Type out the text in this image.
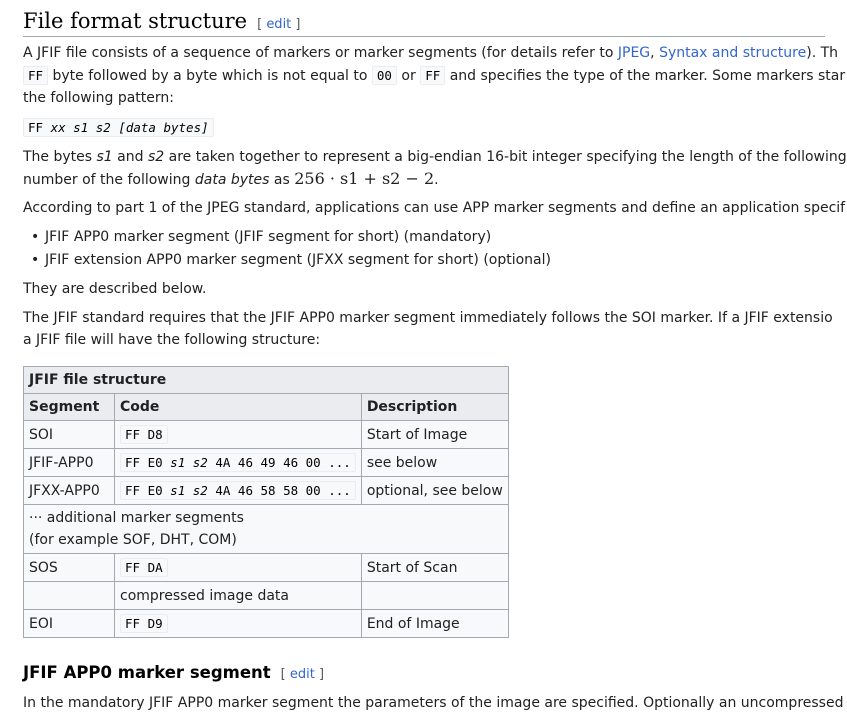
File format structure [ edit ]
A JFIF file consists of a sequence of markers or marker segments (for details refer to JPEG, Syntax and structure). Th
FF byte followed by a byte which is not equal to 00 or FF and specifies the type of the marker. Some markers star
the following pattern:
FF xx s1 s2 [data bytes]
The bytes s1 and s2 are taken together to represent a big-endian 16-bit integer specifying the length of the following
number of the following data bytes as 256 · s1 + s2 − 2.
According to part 1 of the JPEG standard, applications can use APP marker segments and define an application specif
• JFIF APP0 marker segment (JFIF segment for short) (mandatory)
• JFIF extension APP0 marker segment (JFXX segment for short) (optional)
They are described below.
The JFIF standard requires that the JFIF APP0 marker segment immediately follows the SOI marker. If a JFIF extensio
a JFIF file will have the following structure:
JFIF file structure		
Segment	Code	Description
SOI	FF D8	Start of Image
JFIF-APP0	FF E0 s1 s2 4A 46 49 46 00 ...	see below
JFXX-APP0	FF E0 s1 s2 4A 46 58 58 00 ...	optional, see below
··· additional marker segments
(for example SOF, DHT, COM)		
SOS	FF DA	Start of Scan
	compressed image data	
EOI	FF D9	End of Image
JFIF APP0 marker segment [ edit ]
In the mandatory JFIF APP0 marker segment the parameters of the image are specified. Optionally an uncompressed
